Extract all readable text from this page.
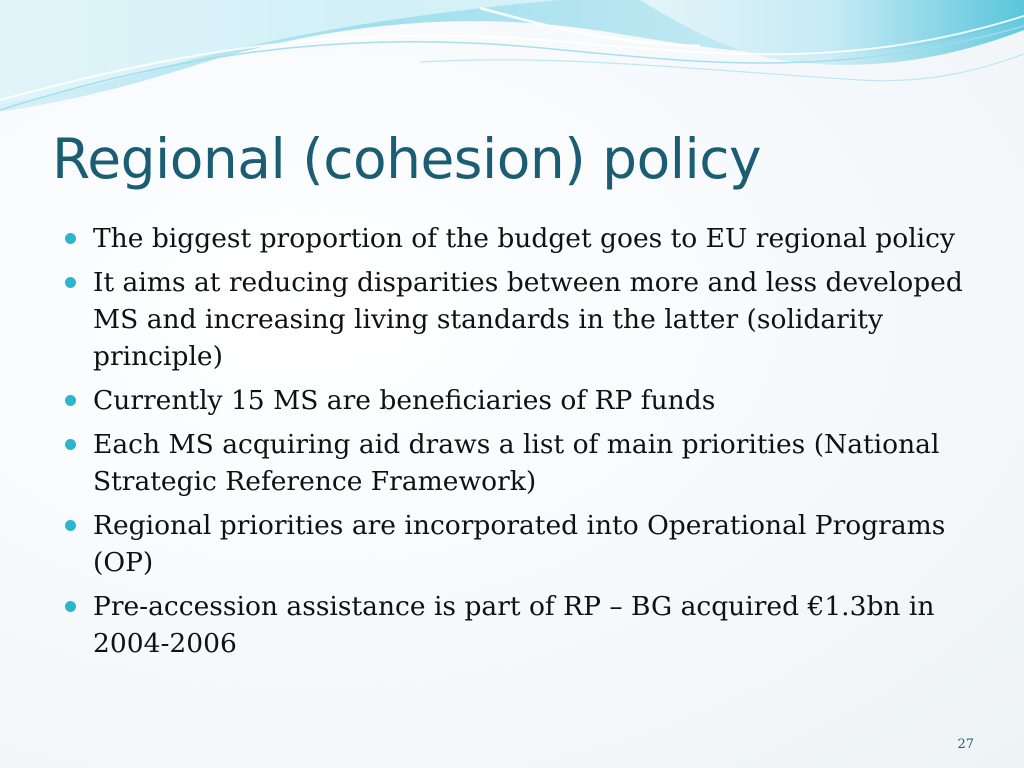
Regional (cohesion) policy
The biggest proportion of the budget goes to EU regional policy
It aims at reducing disparities between more and less developed MS and increasing living standards in the latter (solidarity principle)
Currently 15 MS are beneficiaries of RP funds
Each MS acquiring aid draws a list of main priorities (National Strategic Reference Framework)
Regional priorities are incorporated into Operational Programs (OP)
Pre-accession assistance is part of RP – BG acquired €1.3bn in 2004-2006
27
